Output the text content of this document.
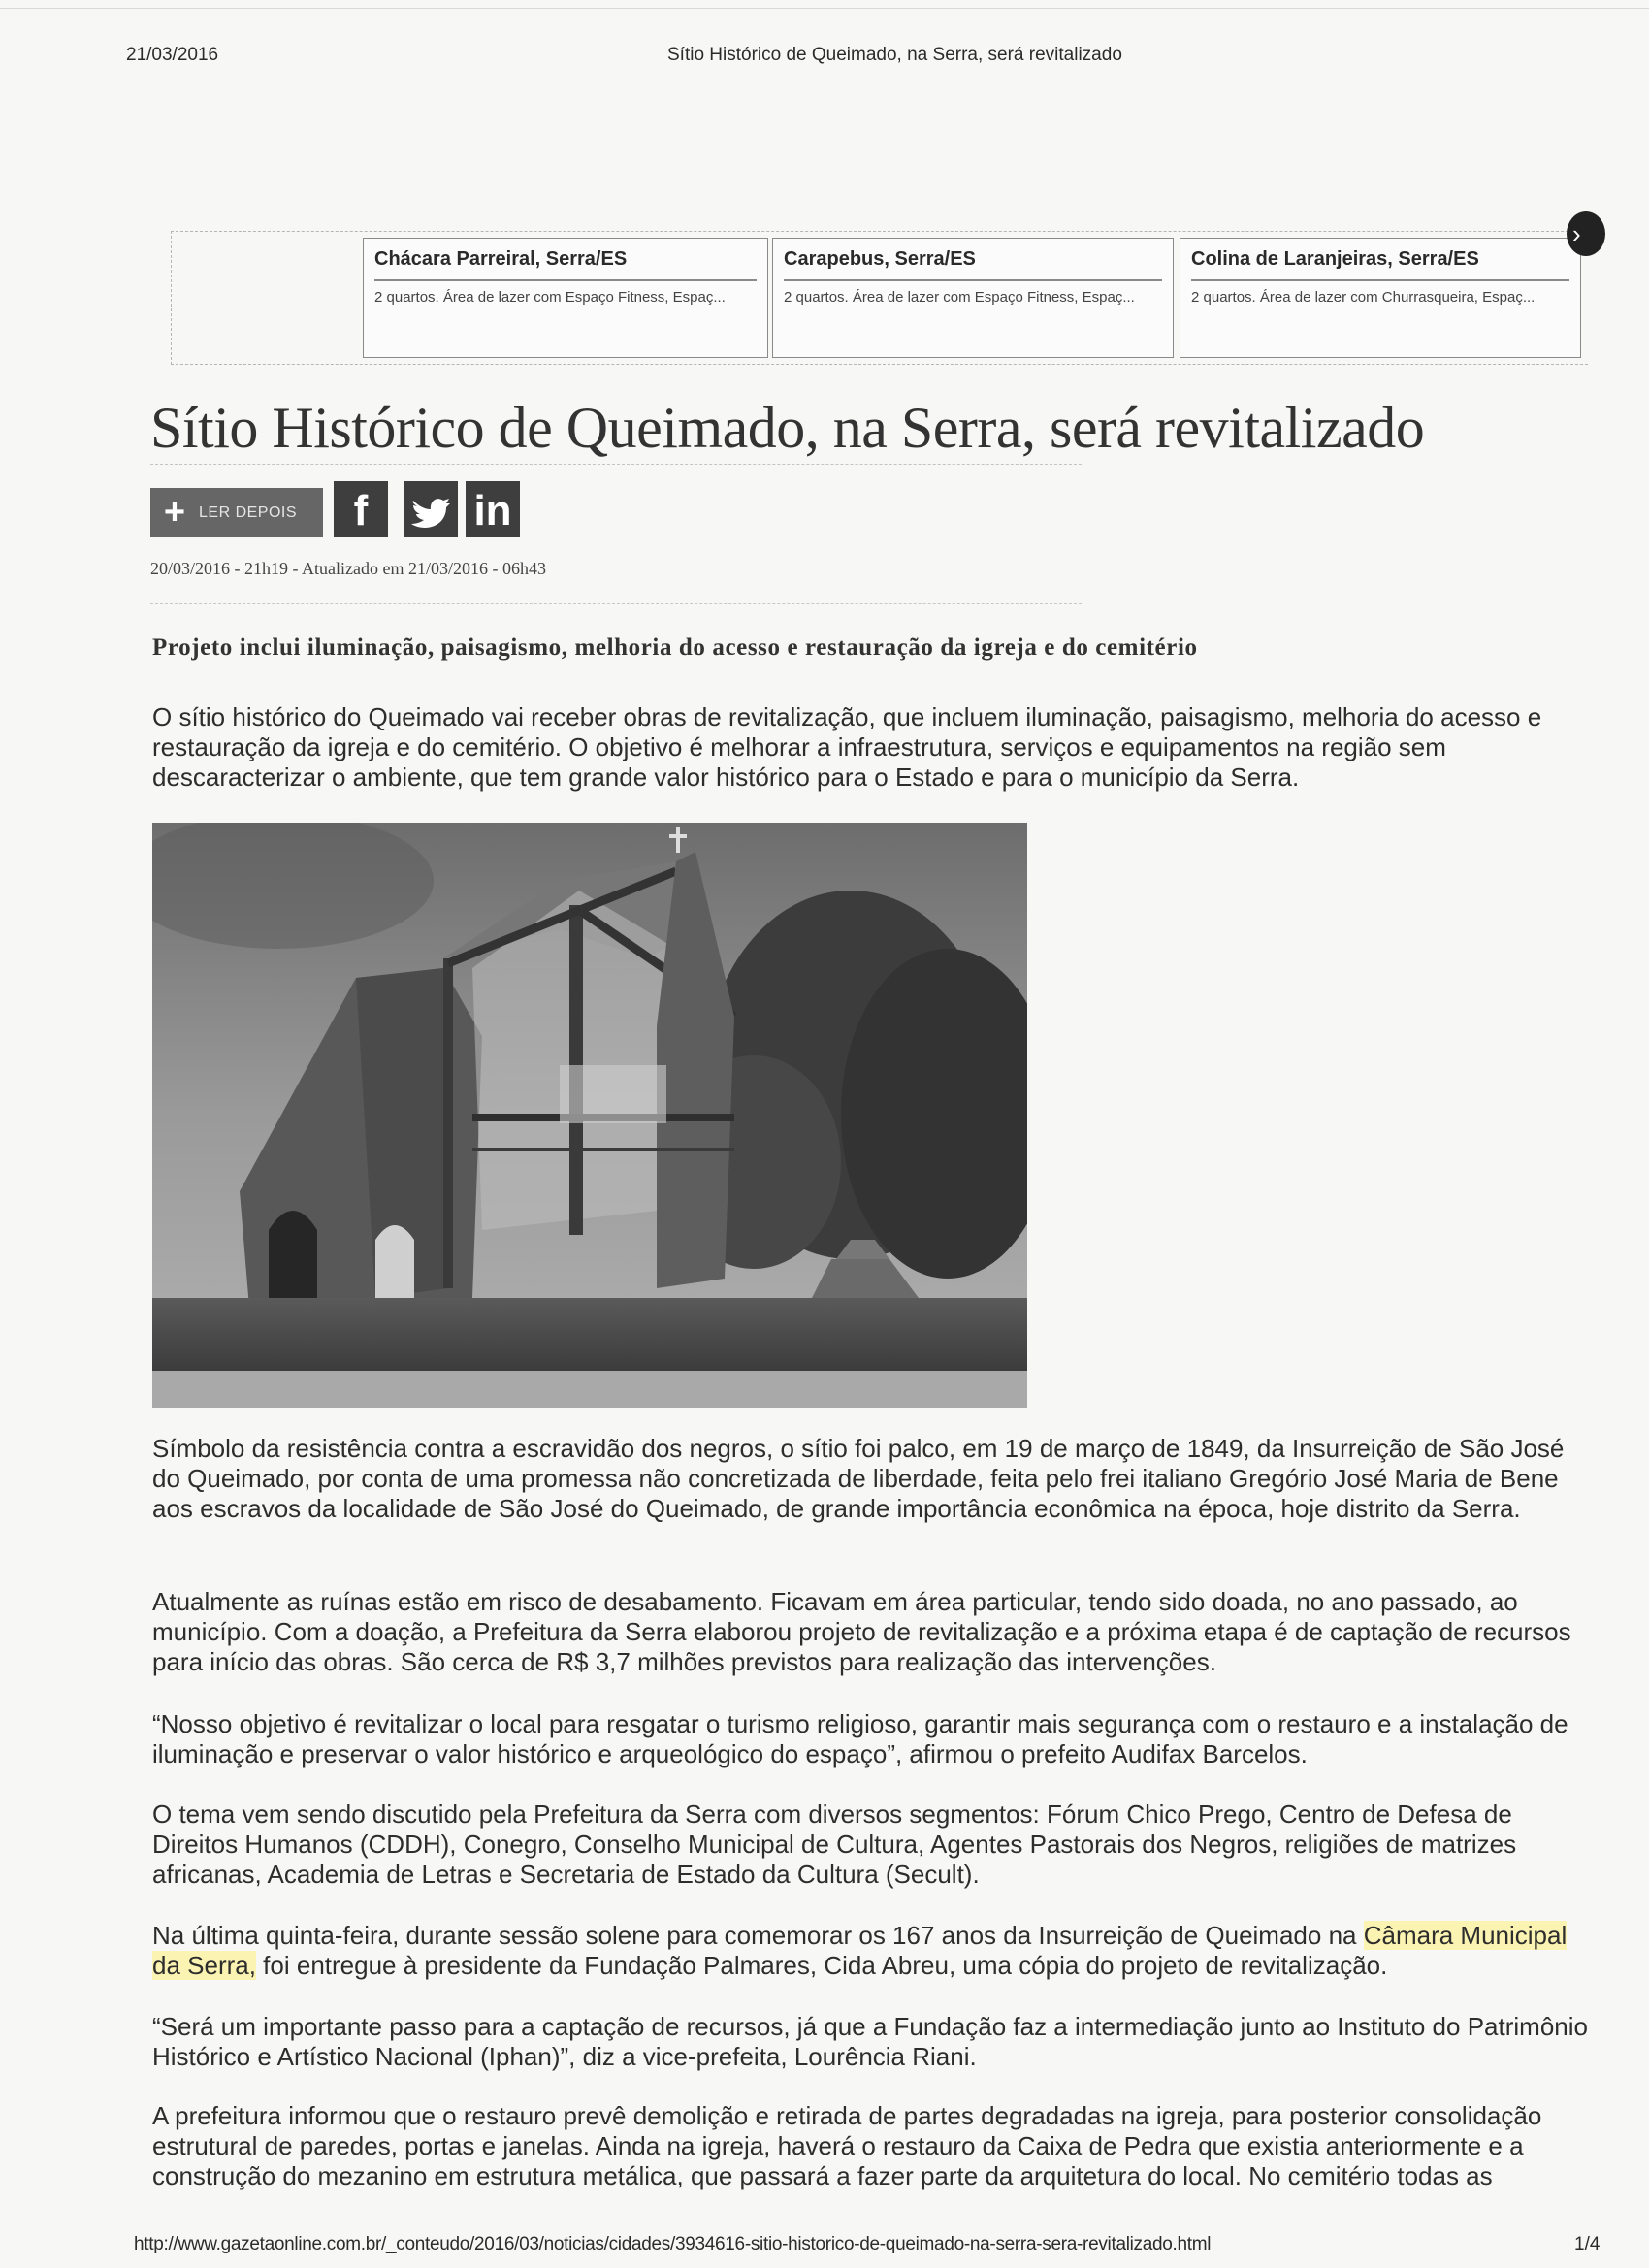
21/03/2016	Sítio Histórico de Queimado, na Serra, será revitalizado
Chácara Parreiral, Serra/ES
2 quartos. Área de lazer com Espaço Fitness, Espaç...
Carapebus, Serra/ES
2 quartos. Área de lazer com Espaço Fitness, Espaç...
Colina de Laranjeiras, Serra/ES
2 quartos. Área de lazer com Churrasqueira, Espaç...
›
Sítio Histórico de Queimado, na Serra, será revitalizado
+ LER DEPOIS	f	in
20/03/2016 - 21h19 - Atualizado em 21/03/2016 - 06h43
Projeto inclui iluminação, paisagismo, melhoria do acesso e restauração da igreja e do cemitério

O sítio histórico do Queimado vai receber obras de revitalização, que incluem iluminação, paisagismo, melhoria do acesso e restauração da igreja e do cemitério. O objetivo é melhorar a infraestrutura, serviços e equipamentos na região sem descaracterizar o ambiente, que tem grande valor histórico para o Estado e para o município da Serra.

Símbolo da resistência contra a escravidão dos negros, o sítio foi palco, em 19 de março de 1849, da Insurreição de São José do Queimado, por conta de uma promessa não concretizada de liberdade, feita pelo frei italiano Gregório José Maria de Bene aos escravos da localidade de São José do Queimado, de grande importância econômica na época, hoje distrito da Serra.

Atualmente as ruínas estão em risco de desabamento. Ficavam em área particular, tendo sido doada, no ano passado, ao município. Com a doação, a Prefeitura da Serra elaborou projeto de revitalização e a próxima etapa é de captação de recursos para início das obras. São cerca de R$ 3,7 milhões previstos para realização das intervenções.

“Nosso objetivo é revitalizar o local para resgatar o turismo religioso, garantir mais segurança com o restauro e a instalação de iluminação e preservar o valor histórico e arqueológico do espaço”, afirmou o prefeito Audifax Barcelos.

O tema vem sendo discutido pela Prefeitura da Serra com diversos segmentos: Fórum Chico Prego, Centro de Defesa de Direitos Humanos (CDDH), Conegro, Conselho Municipal de Cultura, Agentes Pastorais dos Negros, religiões de matrizes africanas, Academia de Letras e Secretaria de Estado da Cultura (Secult).

Na última quinta-feira, durante sessão solene para comemorar os 167 anos da Insurreição de Queimado na Câmara Municipal da Serra, foi entregue à presidente da Fundação Palmares, Cida Abreu, uma cópia do projeto de revitalização.

“Será um importante passo para a captação de recursos, já que a Fundação faz a intermediação junto ao Instituto do Patrimônio Histórico e Artístico Nacional (Iphan)”, diz a vice-prefeita, Lourência Riani.

A prefeitura informou que o restauro prevê demolição e retirada de partes degradadas na igreja, para posterior consolidação estrutural de paredes, portas e janelas. Ainda na igreja, haverá o restauro da Caixa de Pedra que existia anteriormente e a construção do mezanino em estrutura metálica, que passará a fazer parte da arquitetura do local. No cemitério todas as

http://www.gazetaonline.com.br/_conteudo/2016/03/noticias/cidades/3934616-sitio-historico-de-queimado-na-serra-sera-revitalizado.html	1/4
